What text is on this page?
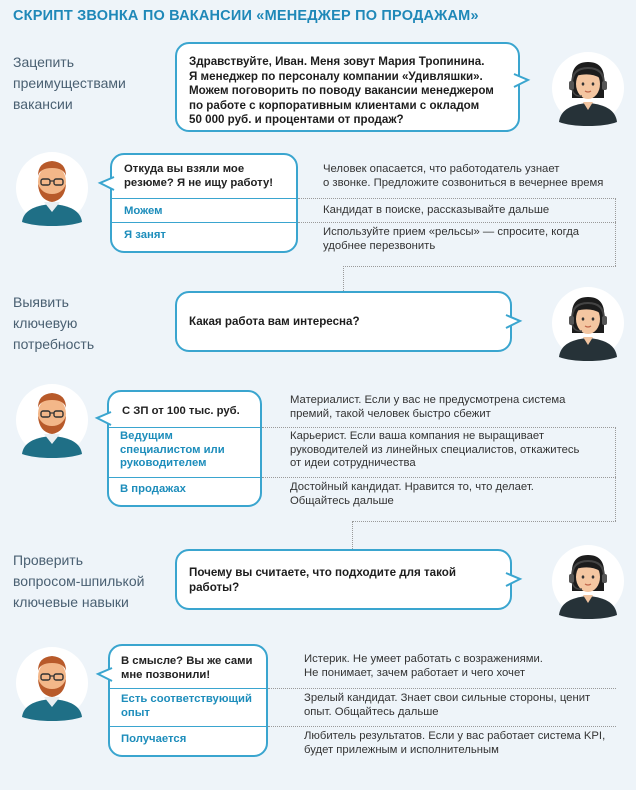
СКРИПТ ЗВОНКА ПО ВАКАНСИИ «МЕНЕДЖЕР ПО ПРОДАЖАМ»
Зацепить
преимуществами
вакансии
Выявить
ключевую
потребность
Проверить
вопросом-шпилькой
ключевые навыки
Здравствуйте, Иван. Меня зовут Мария Тропинина.
Я менеджер по персоналу компании «Удивляшки».
Можем поговорить по поводу вакансии менеджером
по работе с корпоративным клиентами с окладом
50 000 руб. и процентами от продаж?
Какая работа вам интересна?
Почему вы считаете, что подходите для такой
работы?
Откуда вы взяли мое
резюме? Я не ищу работу!
Можем
Я занят
Человек опасается, что работодатель узнает
о звонке. Предложите созвониться в вечернее время
Кандидат в поиске, рассказывайте дальше
Используйте прием «рельсы» — спросите, когда
удобнее перезвонить
С ЗП от 100 тыс. руб.
Ведущим
специалистом или
руководителем
В продажах
Материалист. Если у вас не предусмотрена система
премий, такой человек быстро сбежит
Карьерист. Если ваша компания не выращивает
руководителей из линейных специалистов, откажитесь
от идеи сотрудничества
Достойный кандидат. Нравится то, что делает.
Общайтесь дальше
В смысле? Вы же сами
мне позвонили!
Есть соответствующий
опыт
Получается
Истерик. Не умеет работать с возражениями.
Не понимает, зачем работает и чего хочет
Зрелый кандидат. Знает свои сильные стороны, ценит
опыт. Общайтесь дальше
Любитель результатов. Если у вас работает система KPI,
будет прилежным и исполнительным
